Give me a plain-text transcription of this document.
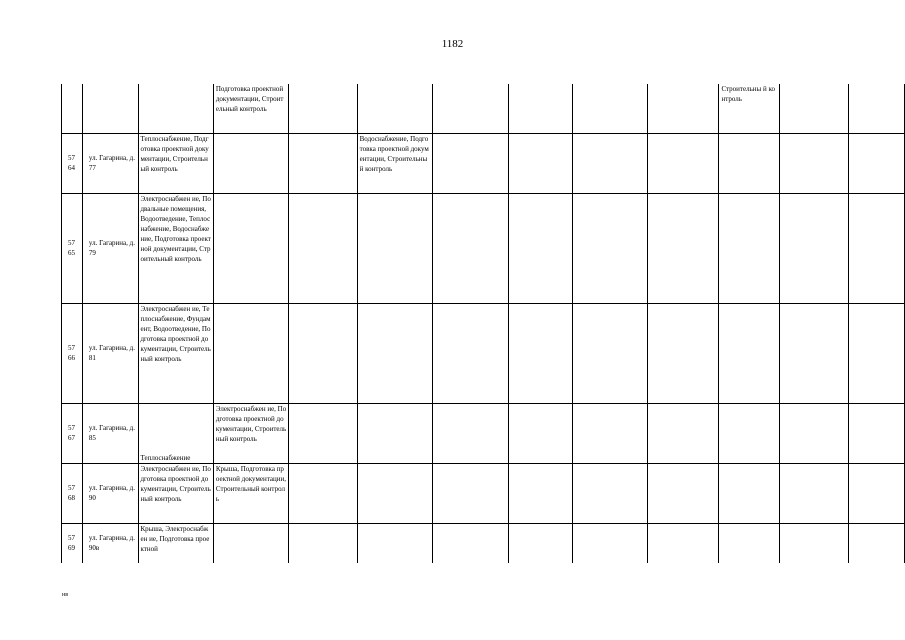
1182
			Подготовка проектной документации, Строительный контроль							Строительны й контроль		
57 64	ул. Гагарина, д. 77	Теплоснабжение, Подготовка проектной документации, Строительный контроль			Водоснабжение, Подготовка проектной документации, Строительный контроль							
57 65	ул. Гагарина, д. 79	Электроснабжен ие, Подвальные помещения, Водоотведение, Теплоснабжение, Водоснабжение, Подготовка проектной документации, Строительный контроль										
57 66	ул. Гагарина, д. 81	Электроснабжен ие, Теплоснабжение, Фундамент, Водоотведение, Подготовка проектной документации, Строительный контроль										
57 67	ул. Гагарина, д. 85	Теплоснабжение	Электроснабжен ие, Подготовка проектной документации, Строительный контроль									
57 68	ул. Гагарина, д. 90	Электроснабжен ие, Подготовка проектной документации, Строительный контроль	Крыша, Подготовка проектной документации, Строительный контроль									
57 69	ул. Гагарина, д. 90в	Крыша, Электроснабжен ие, Подготовка проектной										
нв
